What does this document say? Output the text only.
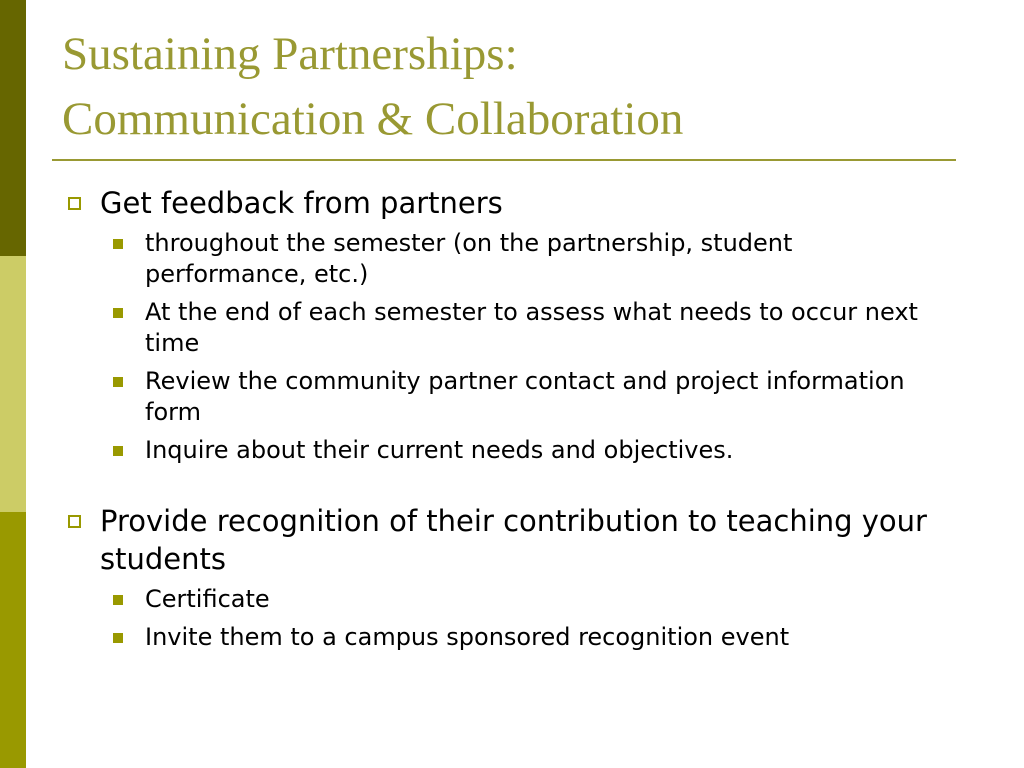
Sustaining Partnerships:
Communication & Collaboration
Get feedback from partners
throughout the semester (on the partnership, student performance, etc.)
At the end of each semester to assess what needs to occur next time
Review the community partner contact and project information form
Inquire about their current needs and objectives.
Provide recognition of their contribution to teaching your students
Certificate
Invite them to a campus sponsored recognition event
